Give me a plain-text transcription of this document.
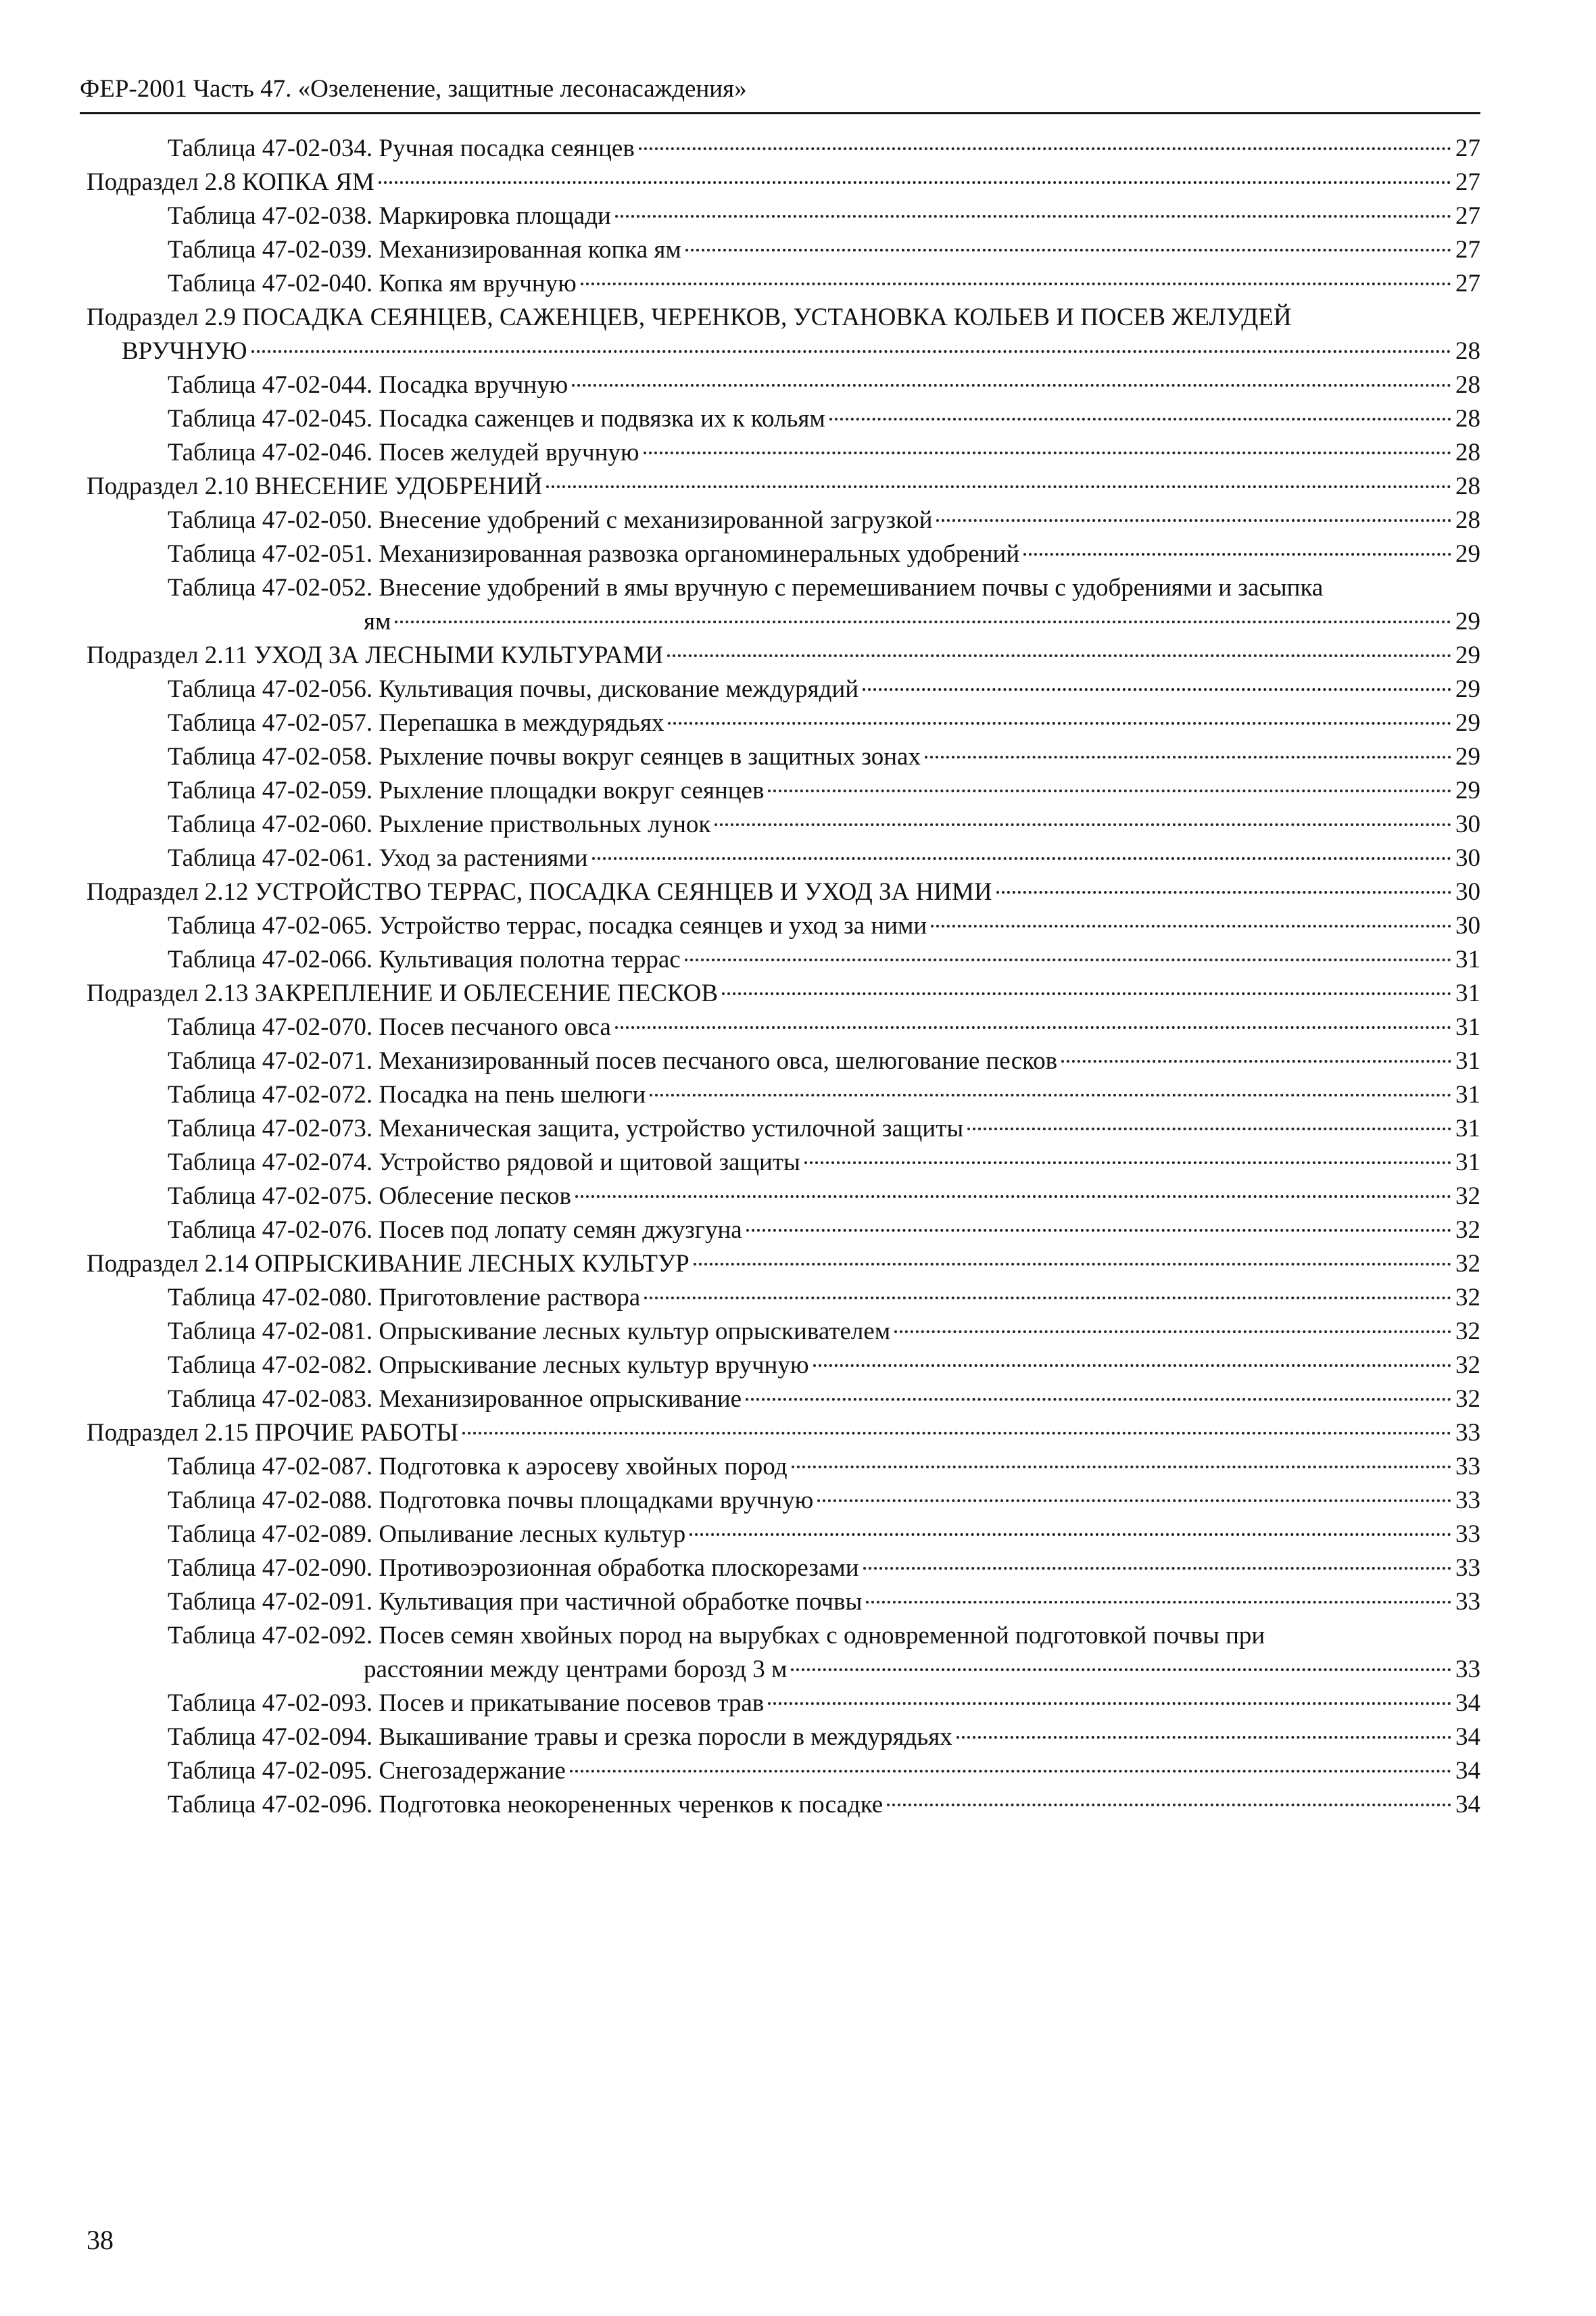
ФЕР-2001 Часть 47. «Озеленение, защитные лесонасаждения»
Таблица 47-02-034. Ручная посадка сеянцев	27
Подраздел 2.8 КОПКА ЯМ	27
Таблица 47-02-038. Маркировка площади	27
Таблица 47-02-039. Механизированная копка ям	27
Таблица 47-02-040. Копка ям вручную	27
Подраздел 2.9 ПОСАДКА СЕЯНЦЕВ, САЖЕНЦЕВ, ЧЕРЕНКОВ, УСТАНОВКА КОЛЬЕВ И ПОСЕВ ЖЕЛУДЕЙ
ВРУЧНУЮ	28
Таблица 47-02-044. Посадка вручную	28
Таблица 47-02-045. Посадка саженцев и подвязка их к кольям	28
Таблица 47-02-046. Посев желудей вручную	28
Подраздел 2.10 ВНЕСЕНИЕ УДОБРЕНИЙ	28
Таблица 47-02-050. Внесение удобрений с механизированной загрузкой	28
Таблица 47-02-051. Механизированная развозка органоминеральных удобрений	29
Таблица 47-02-052. Внесение удобрений в ямы вручную с перемешиванием почвы с удобрениями и засыпка
ям	29
Подраздел 2.11 УХОД ЗА ЛЕСНЫМИ КУЛЬТУРАМИ	29
Таблица 47-02-056. Культивация почвы, дискование междурядий	29
Таблица 47-02-057. Перепашка в междурядьях	29
Таблица 47-02-058. Рыхление почвы вокруг сеянцев в защитных зонах	29
Таблица 47-02-059. Рыхление площадки вокруг сеянцев	29
Таблица 47-02-060. Рыхление приствольных лунок	30
Таблица 47-02-061. Уход за растениями	30
Подраздел 2.12 УСТРОЙСТВО ТЕРРАС, ПОСАДКА СЕЯНЦЕВ И УХОД ЗА НИМИ	30
Таблица 47-02-065. Устройство террас, посадка сеянцев и уход за ними	30
Таблица 47-02-066. Культивация полотна террас	31
Подраздел 2.13 ЗАКРЕПЛЕНИЕ И ОБЛЕСЕНИЕ ПЕСКОВ	31
Таблица 47-02-070. Посев песчаного овса	31
Таблица 47-02-071. Механизированный посев песчаного овса, шелюгование песков	31
Таблица 47-02-072. Посадка на пень шелюги	31
Таблица 47-02-073. Механическая защита, устройство устилочной защиты	31
Таблица 47-02-074. Устройство рядовой и щитовой защиты	31
Таблица 47-02-075. Облесение песков	32
Таблица 47-02-076. Посев под лопату семян джузгуна	32
Подраздел 2.14 ОПРЫСКИВАНИЕ ЛЕСНЫХ КУЛЬТУР	32
Таблица 47-02-080. Приготовление раствора	32
Таблица 47-02-081. Опрыскивание лесных культур опрыскивателем	32
Таблица 47-02-082. Опрыскивание лесных культур вручную	32
Таблица 47-02-083. Механизированное опрыскивание	32
Подраздел 2.15 ПРОЧИЕ РАБОТЫ	33
Таблица 47-02-087. Подготовка к аэросеву хвойных пород	33
Таблица 47-02-088. Подготовка почвы площадками вручную	33
Таблица 47-02-089. Опыливание лесных культур	33
Таблица 47-02-090. Противоэрозионная обработка плоскорезами	33
Таблица 47-02-091. Культивация при частичной обработке почвы	33
Таблица 47-02-092. Посев семян хвойных пород на вырубках с одновременной подготовкой почвы при
расстоянии между центрами борозд 3 м	33
Таблица 47-02-093. Посев и прикатывание посевов трав	34
Таблица 47-02-094. Выкашивание травы и срезка поросли в междурядьях	34
Таблица 47-02-095. Снегозадержание	34
Таблица 47-02-096. Подготовка неокорененных черенков к посадке	34
38
